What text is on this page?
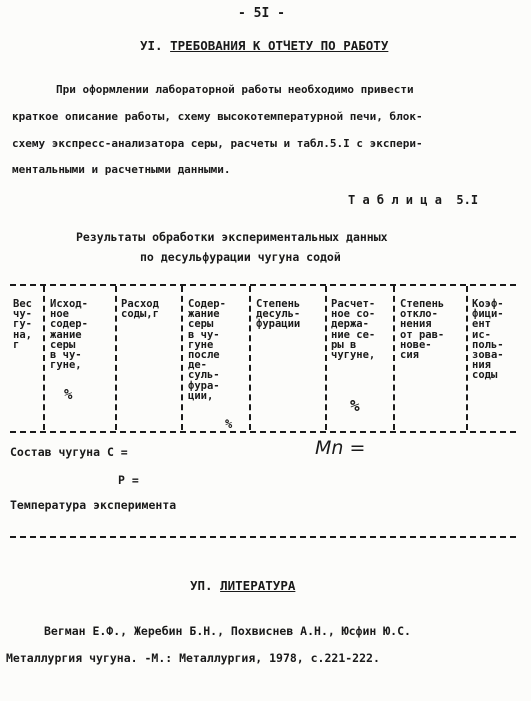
- 5I -
УI. ТРЕБОВАНИЯ К ОТЧЕТУ ПО РАБОТУ
При оформлении лабораторной работы необходимо привести
краткое описание работы, схему высокотемпературной печи, блок-
схему экспресс-анализатора серы, расчеты и табл.5.I с экспери-
ментальными и расчетными данными.
Т а б л и ц а  5.I
Результаты обработки экспериментальных данных
по десульфурации чугуна содой
Вес
чу-
гу-
на,
г
Исход-
ное
содер-
жание
серы
в чу-
гуне,
Расход
соды,г
Содер-
жание
серы
в чу-
гуне
после
де-
суль-
фура-
ции,
Степень
десуль-
фурации
Расчет-
ное со-
держа-
ние се-
ры в
чугуне,
Степень
откло-
нения
от рав-
нове-
сия
Коэф-
фици-
ент
ис-
поль-
зова-
ния
соды
%
%
%
Состав чугуна С =	Mn =
Р =
Температура эксперимента
УП. ЛИТЕРАТУРА
Вегман Е.Ф., Жеребин Б.Н., Похвиснев А.Н., Юсфин Ю.С.
Металлургия чугуна. -М.: Металлургия, 1978, с.221-222.
